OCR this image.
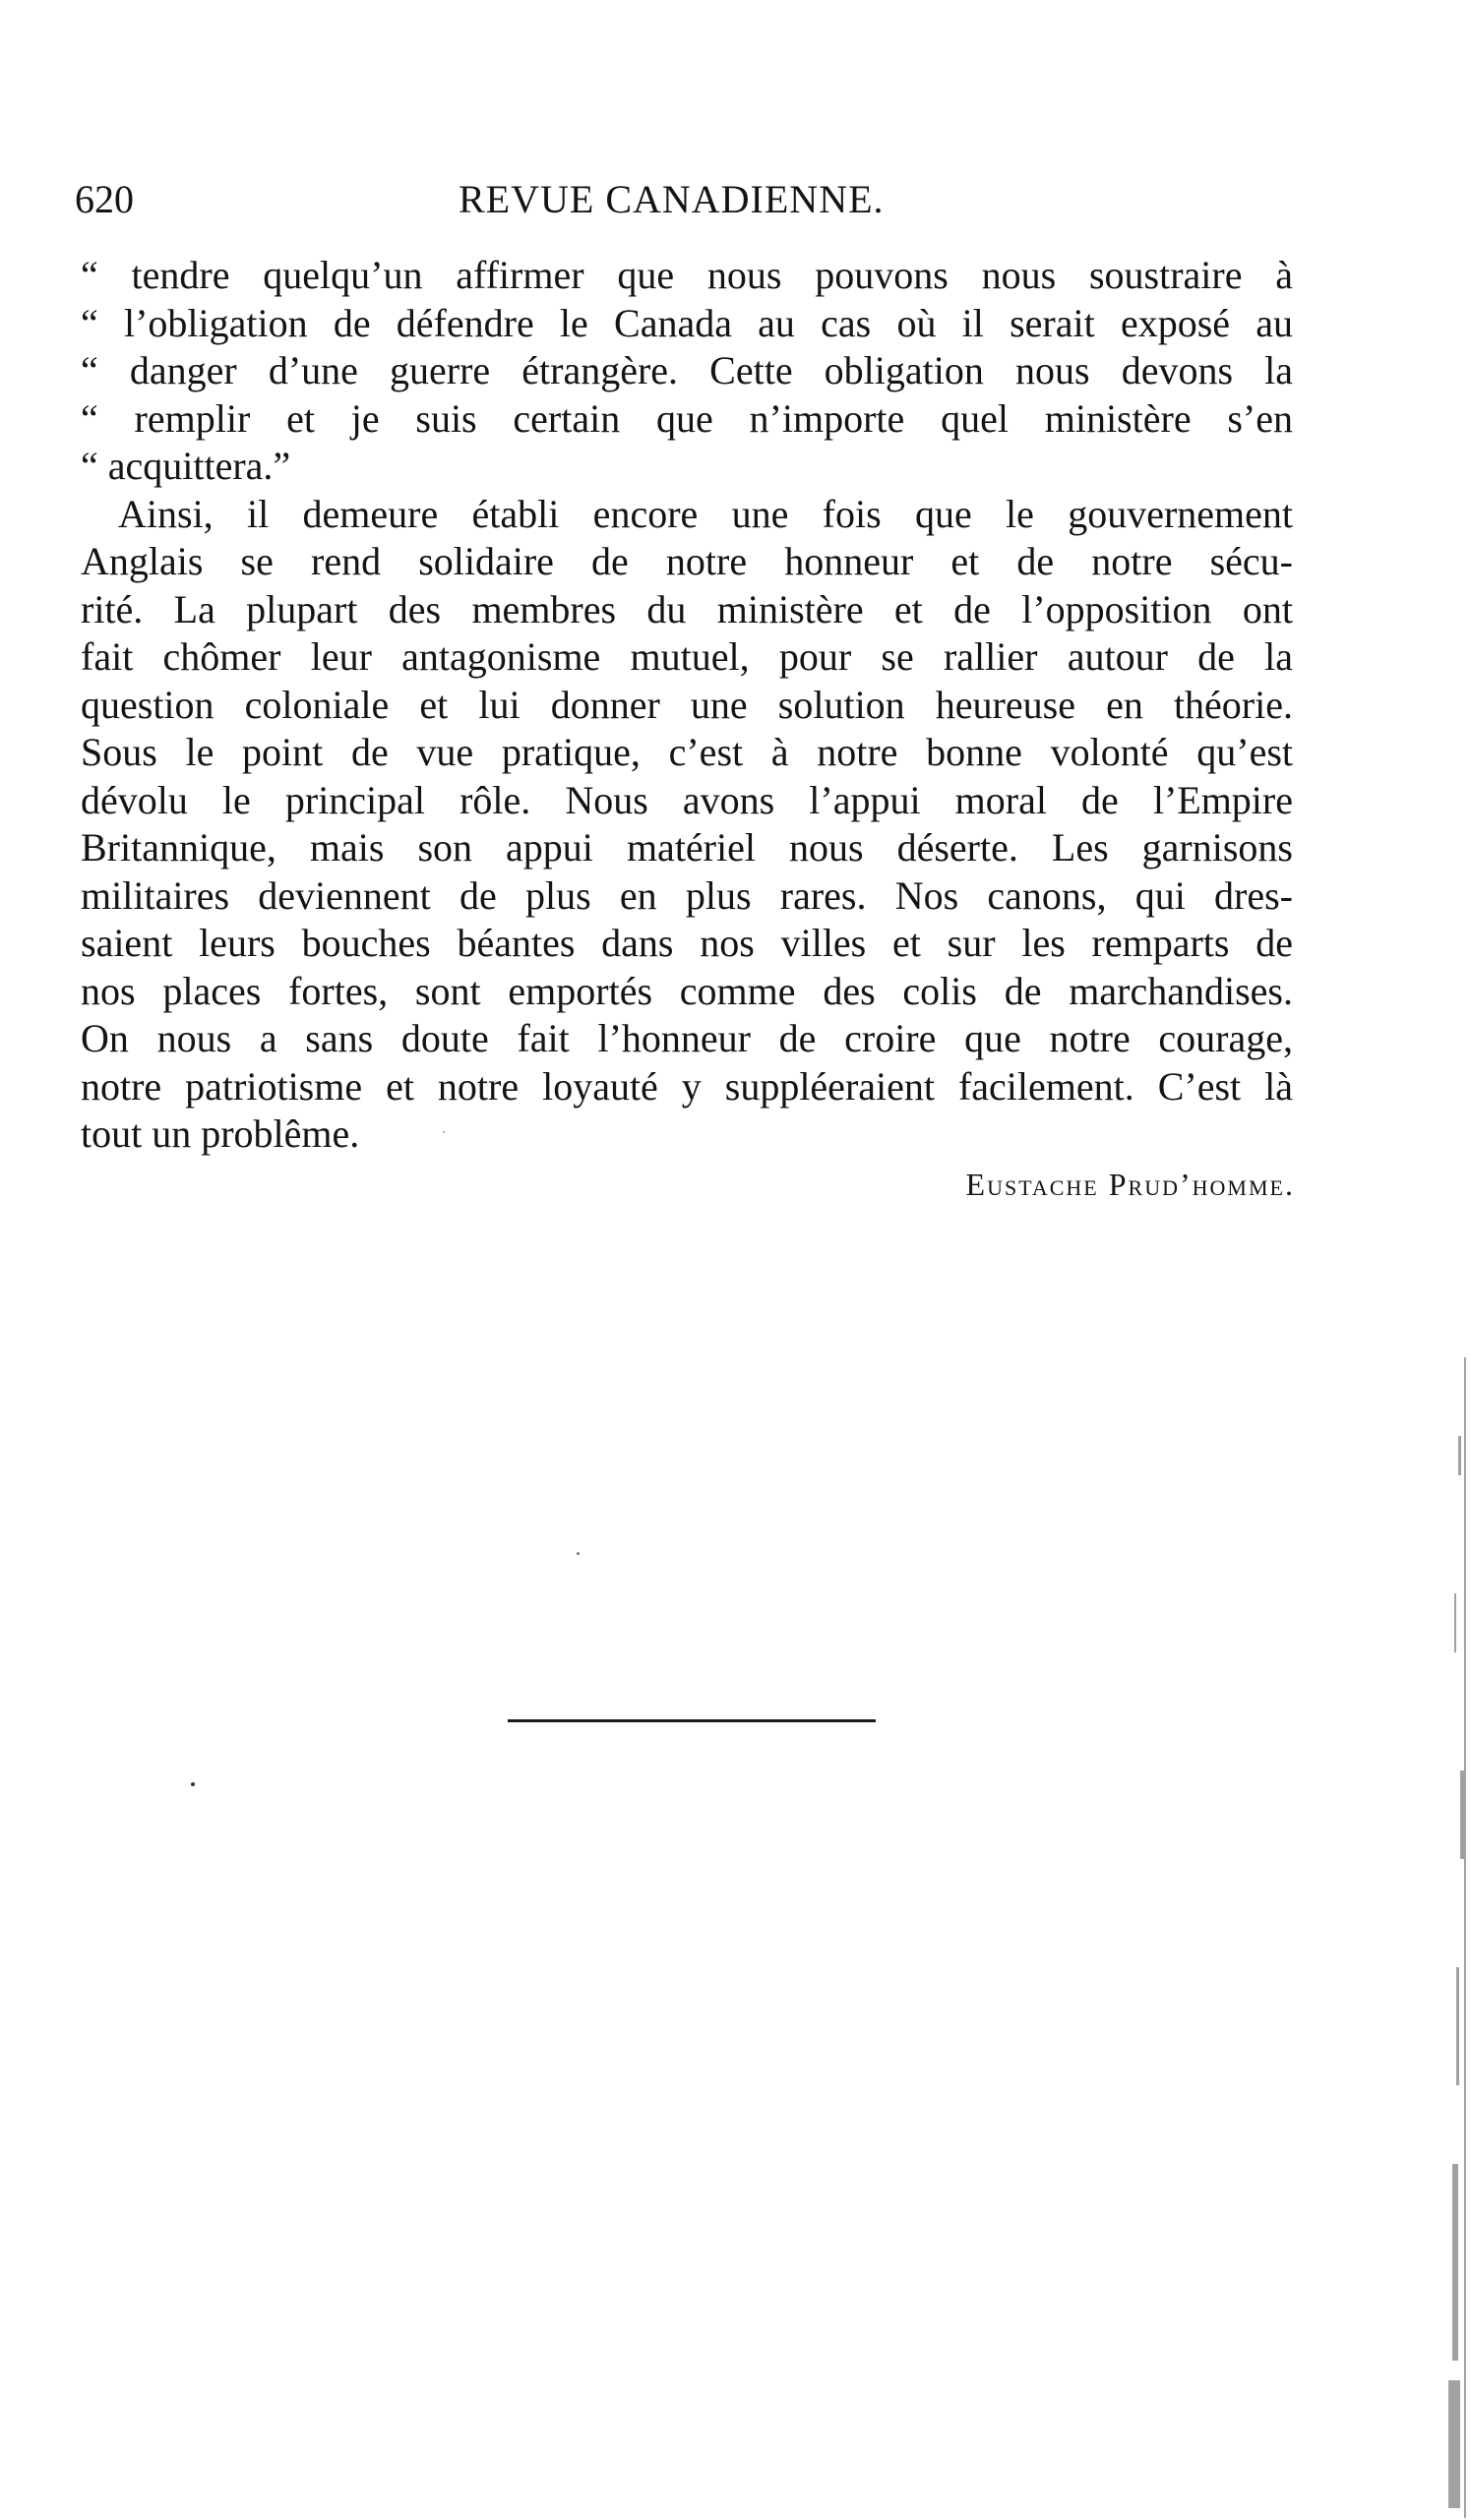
620	REVUE CANADIENNE.
“ tendre quelqu’un affirmer que nous pouvons nous soustraire à
“ l’obligation de défendre le Canada au cas où il serait exposé au
“ danger d’une guerre étrangère. Cette obligation nous devons la
“ remplir et je suis certain que n’importe quel ministère s’en
“ acquittera.”
Ainsi, il demeure établi encore une fois que le gouvernement
Anglais se rend solidaire de notre honneur et de notre sécu-
rité. La plupart des membres du ministère et de l’opposition ont
fait chômer leur antagonisme mutuel, pour se rallier autour de la
question coloniale et lui donner une solution heureuse en théorie.
Sous le point de vue pratique, c’est à notre bonne volonté qu’est
dévolu le principal rôle. Nous avons l’appui moral de l’Empire
Britannique, mais son appui matériel nous déserte. Les garnisons
militaires deviennent de plus en plus rares. Nos canons, qui dres-
saient leurs bouches béantes dans nos villes et sur les remparts de
nos places fortes, sont emportés comme des colis de marchandises.
On nous a sans doute fait l’honneur de croire que notre courage,
notre patriotisme et notre loyauté y suppléeraient facilement. C’est là
tout un problême.
Eustache Prud’homme.
